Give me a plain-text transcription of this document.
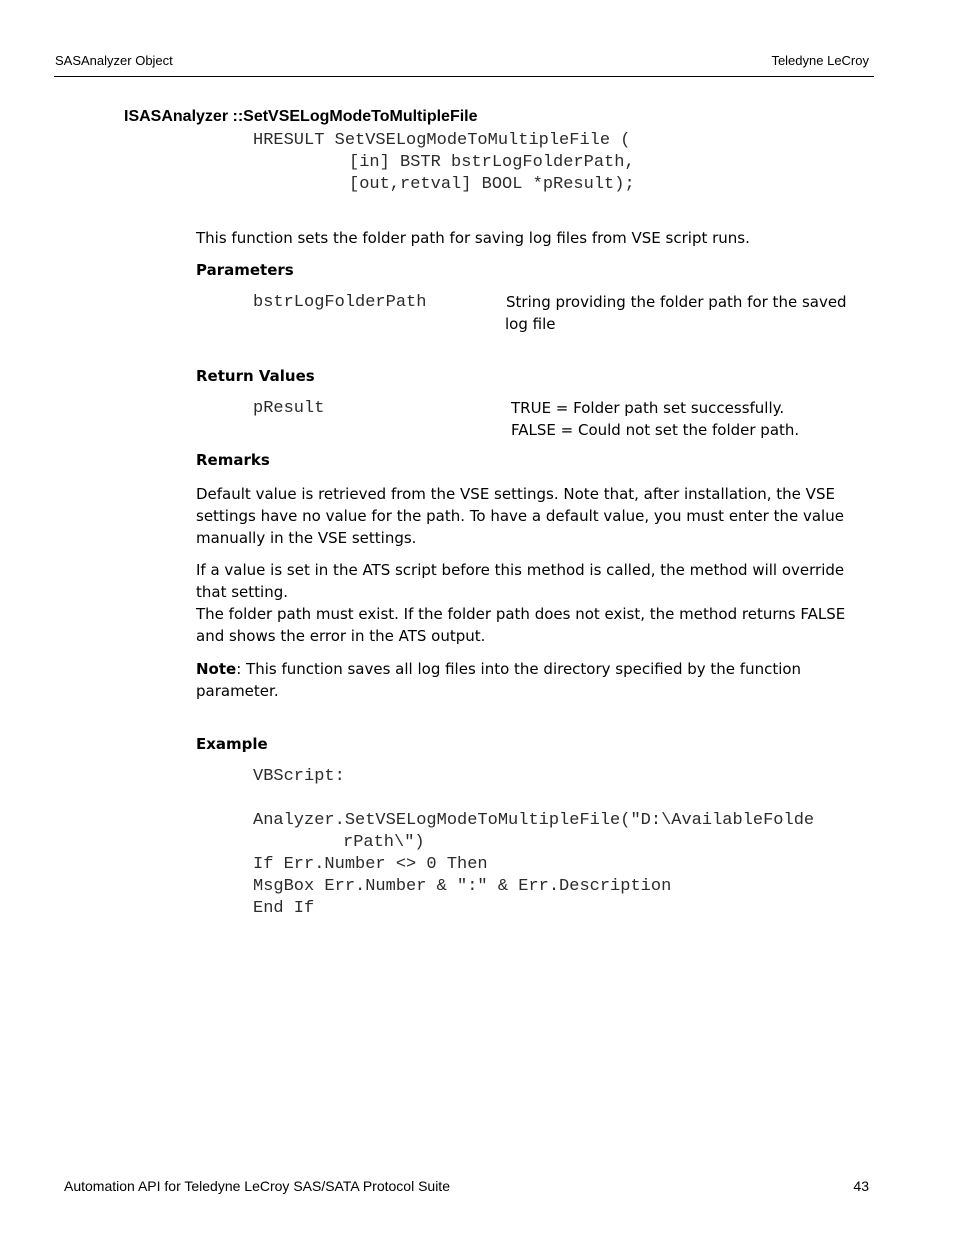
SASAnalyzer Object	Teledyne LeCroy
ISASAnalyzer ::SetVSELogModeToMultipleFile
HRESULT SetVSELogModeToMultipleFile (
[in] BSTR bstrLogFolderPath,
[out,retval] BOOL *pResult);
This function sets the folder path for saving log files from VSE script runs.
Parameters
bstrLogFolderPath	String providing the folder path for the saved
log file
Return Values
pResult	TRUE = Folder path set successfully.
FALSE = Could not set the folder path.
Remarks
Default value is retrieved from the VSE settings. Note that, after installation, the VSE
settings have no value for the path. To have a default value, you must enter the value
manually in the VSE settings.
If a value is set in the ATS script before this method is called, the method will override
that setting.
The folder path must exist. If the folder path does not exist, the method returns FALSE
and shows the error in the ATS output.
Note: This function saves all log files into the directory specified by the function
parameter.
Example
VBScript:
Analyzer.SetVSELogModeToMultipleFile("D:\AvailableFolde
rPath\")
If Err.Number <> 0 Then
MsgBox Err.Number & ":" & Err.Description
End If
Automation API for Teledyne LeCroy SAS/SATA Protocol Suite	43
